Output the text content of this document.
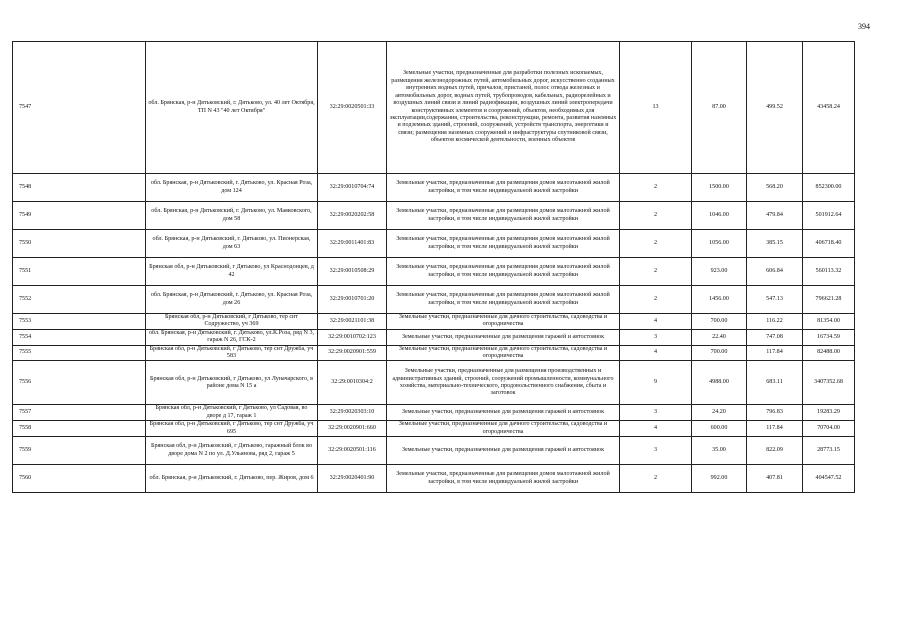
394
7547	обл. Брянская, р-н Дятьковский, г. Дятьково, ул. 40 лет Октября, ТП N 43 "40 лет Октября"	32:29:0020501:33	Земельные участки, предназначенные для разработки полезных ископаемых, размещения железнодорожных путей, автомобильных дорог, искусственно созданных внутренних водных путей, причалов, пристаней, полос отвода железных и автомобильных дорог, водных путей, трубопроводов, кабельных, радиорелейных и воздушных линий связи и линий радиофикации, воздушных линий электропередачи конструктивных элементов и сооружений, объектов, необходимых для эксплуатации,содержания, строительства, реконструкции, ремонта, развития наземных и подземных зданий, строений, сооружений, устройств транспорта, энергетики и связи; размещения наземных сооружений и инфраструктуры спутниковой связи, объектов космической деятельности, военных объектов	13	87.00	499.52	43458.24
7548	обл. Брянская, р-н Дятьковский, г. Дятьково, ул. Красная Роза, дом 124	32:29:0010704:74	Земельные участки, предназначенные для размещения домов малоэтажной жилой застройки, в том числе индивидуальной жилой застройки	2	1500.00	568.20	852300.00
7549	обл. Брянская, р-н Дятьковский, г. Дятьково, ул. Маяковского, дом 58	32:29:0020202:58	Земельные участки, предназначенные для размещения домов малоэтажной жилой застройки, в том числе индивидуальной жилой застройки	2	1046.00	479.84	501912.64
7550	обл. Брянская, р-н Дятьковский, г. Дятьково, ул. Пионерская, дом 63	32:29:0011401:83	Земельные участки, предназначенные для размещения домов малоэтажной жилой застройки, в том числе индивидуальной жилой застройки	2	1056.00	385.15	406718.40
7551	Брянская обл, р-н Дятьковский, г Дятьково, ул Краснодонцев, д 42	32:29:0010508:29	Земельные участки, предназначенные для размещения домов малоэтажной жилой застройки, в том числе индивидуальной жилой застройки	2	923.00	606.84	560113.32
7552	обл. Брянская, р-н Дятьковский, г. Дятьково, ул. Красная Роза, дом 26	32:29:0010701:20	Земельные участки, предназначенные для размещения домов малоэтажной жилой застройки, в том числе индивидуальной жилой застройки	2	1456.00	547.13	796621.28
7553	Брянская обл, р-н Дятьковский, г Дятьково, тер снт Содружество, уч 369	32:29:0021101:38	Земельные участки, предназначенные для дачного строительства, садоводства и огородничества	4	700.00	116.22	81354.00
7554	обл. Брянская, р-н Дятьковский, г. Дятьково, ул.К.Роза, ряд N 3, гараж N 26, ГСК-2	32:29:0010702:123	Земельные участки, предназначенные для размещения гаражей и автостоянок	3	22.40	747.08	16734.59
7555	Брянская обл, р-н Дятьковский, г Дятьково, тер снт Дружба, уч 583	32:29:0020901:559	Земельные участки, предназначенные для дачного строительства, садоводства и огородничества	4	700.00	117.84	82488.00
7556	Брянская обл, р-н Дятьковский, г Дятьково, ул Луначарского, в районе дома N 15 а	32:29:0010304:2	Земельные участки, предназначенные для размещения производственных и административных зданий, строений, сооружений промышленности, коммунального хозяйства, материально-технического, продовольственного снабжения, сбыта и заготовок	9	4988.00	683.11	3407352.68
7557	Брянская обл, р-н Дятьковский, г Дятьково, ул Садовая, во дворе д 17, гараж 1	32:29:0020303:10	Земельные участки, предназначенные для размещения гаражей и автостоянок	3	24.20	796.83	19283.29
7558	Брянская обл, р-н Дятьковский, г Дятьково, тер снт Дружба, уч 695	32:29:0020901:660	Земельные участки, предназначенные для дачного строительства, садоводства и огородничества	4	600.00	117.84	70704.00
7559	Брянская обл, р-н Дятьковский, г Дятьково, гаражный блок во дворе дома N 2 по ул. Д.Ульянова, ряд 2, гараж 5	32:29:0020501:116	Земельные участки, предназначенные для размещения гаражей и автостоянок	3	35.00	822.09	28773.15
7560	обл. Брянская, р-н Дятьковский, г. Дятьково, пер. Жиров, дом 6	32:29:0020401:90	Земельные участки, предназначенные для размещения домов малоэтажной жилой застройки, в том числе индивидуальной жилой застройки	2	992.00	407.81	404547.52
